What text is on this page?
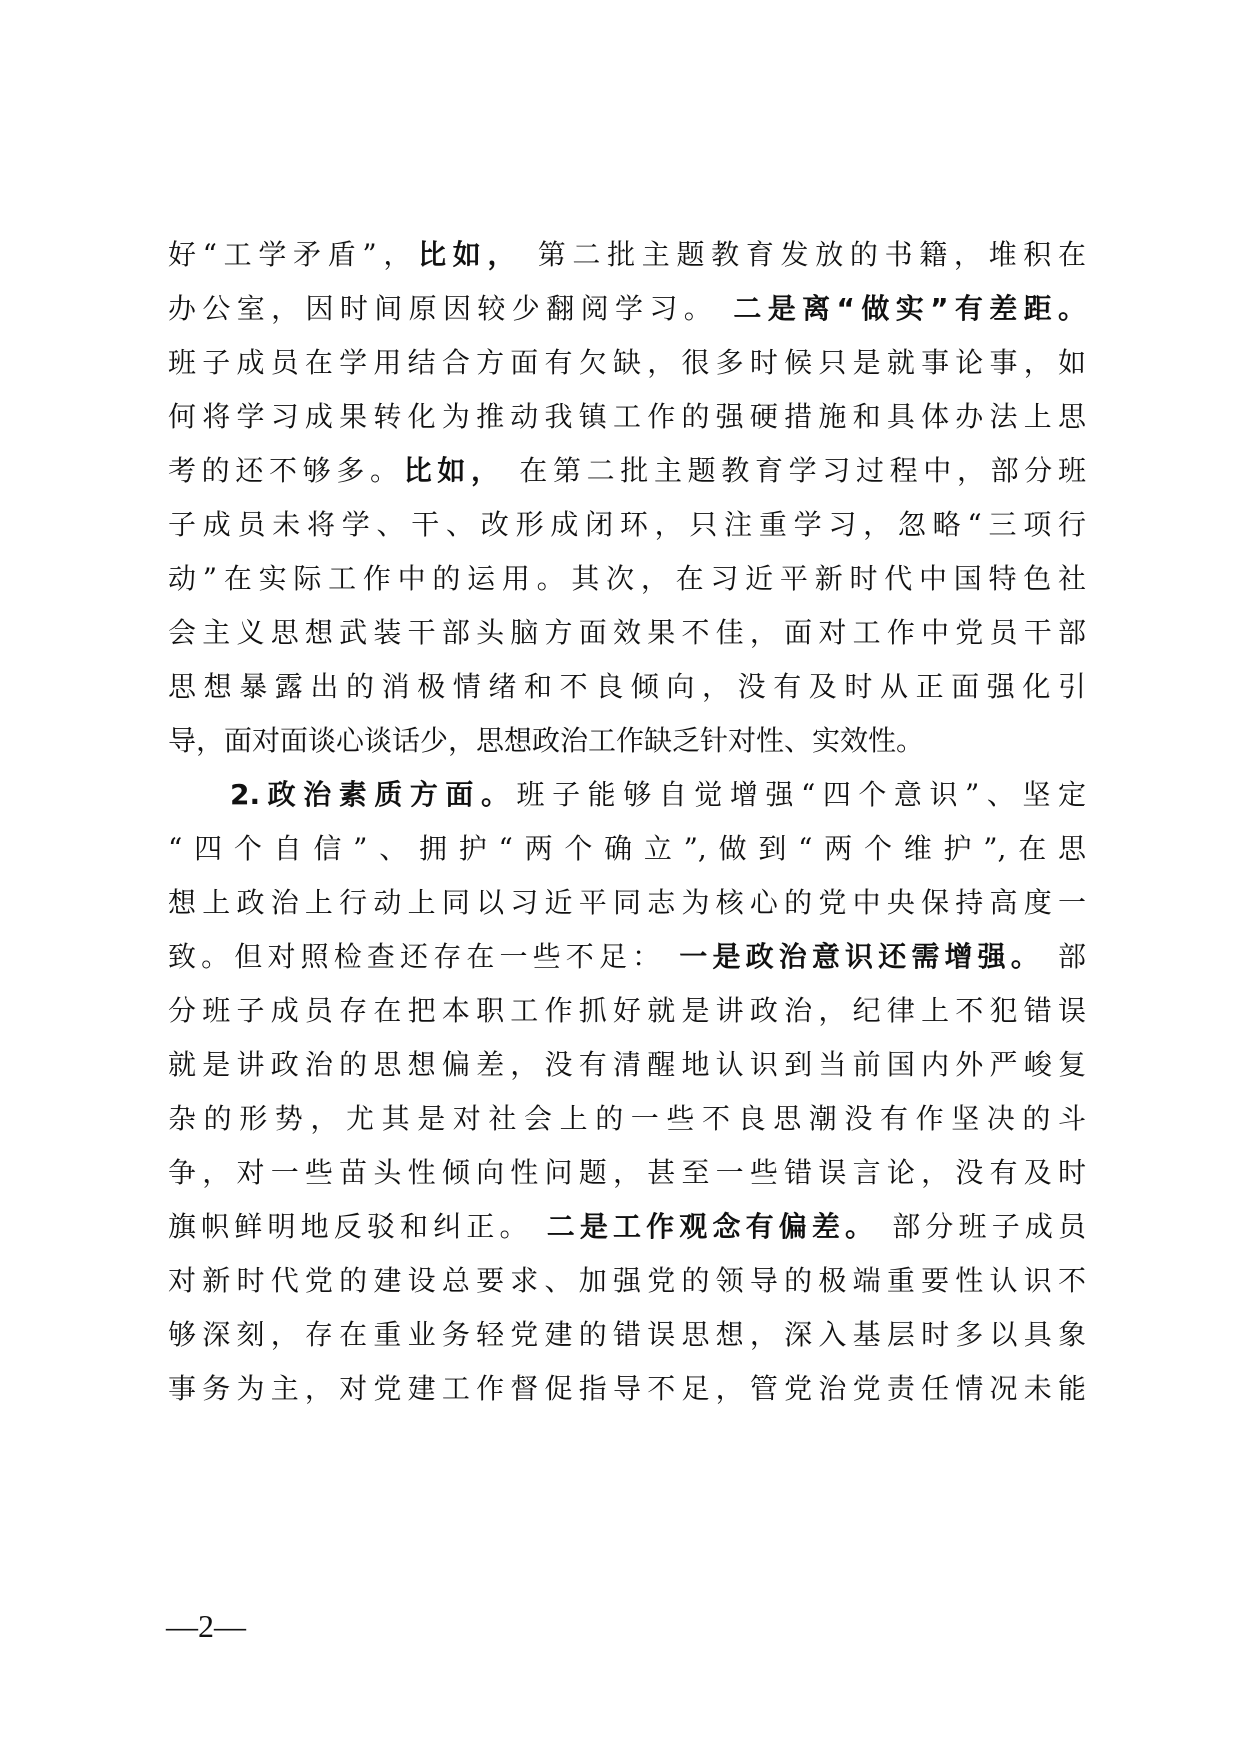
好“工学矛盾”，比如， 第二批主题教育发放的书籍，堆积在
办公室，因时间原因较少翻阅学习。 二是离“做实”有差距。
班子成员在学用结合方面有欠缺，很多时候只是就事论事，如
何将学习成果转化为推动我镇工作的强硬措施和具体办法上思
考的还不够多。比如， 在第二批主题教育学习过程中，部分班
子成员未将学、干、改形成闭环，只注重学习，忽略“三项行
动”在实际工作中的运用。其次，在习近平新时代中国特色社
会主义思想武装干部头脑方面效果不佳，面对工作中党员干部
思想暴露出的消极情绪和不良倾向，没有及时从正面强化引
导，面对面谈心谈话少，思想政治工作缺乏针对性、实效性。
2.政治素质方面。班子能够自觉增强“四个意识”、坚定
“四个自信”、拥护“两个确立”,做到“两个维护”,在思
想上政治上行动上同以习近平同志为核心的党中央保持高度一
致。但对照检查还存在一些不足： 一是政治意识还需增强。 部
分班子成员存在把本职工作抓好就是讲政治，纪律上不犯错误
就是讲政治的思想偏差，没有清醒地认识到当前国内外严峻复
杂的形势，尤其是对社会上的一些不良思潮没有作坚决的斗
争，对一些苗头性倾向性问题，甚至一些错误言论，没有及时
旗帜鲜明地反驳和纠正。 二是工作观念有偏差。 部分班子成员
对新时代党的建设总要求、加强党的领导的极端重要性认识不
够深刻，存在重业务轻党建的错误思想，深入基层时多以具象
事务为主，对党建工作督促指导不足，管党治党责任情况未能
—2—
